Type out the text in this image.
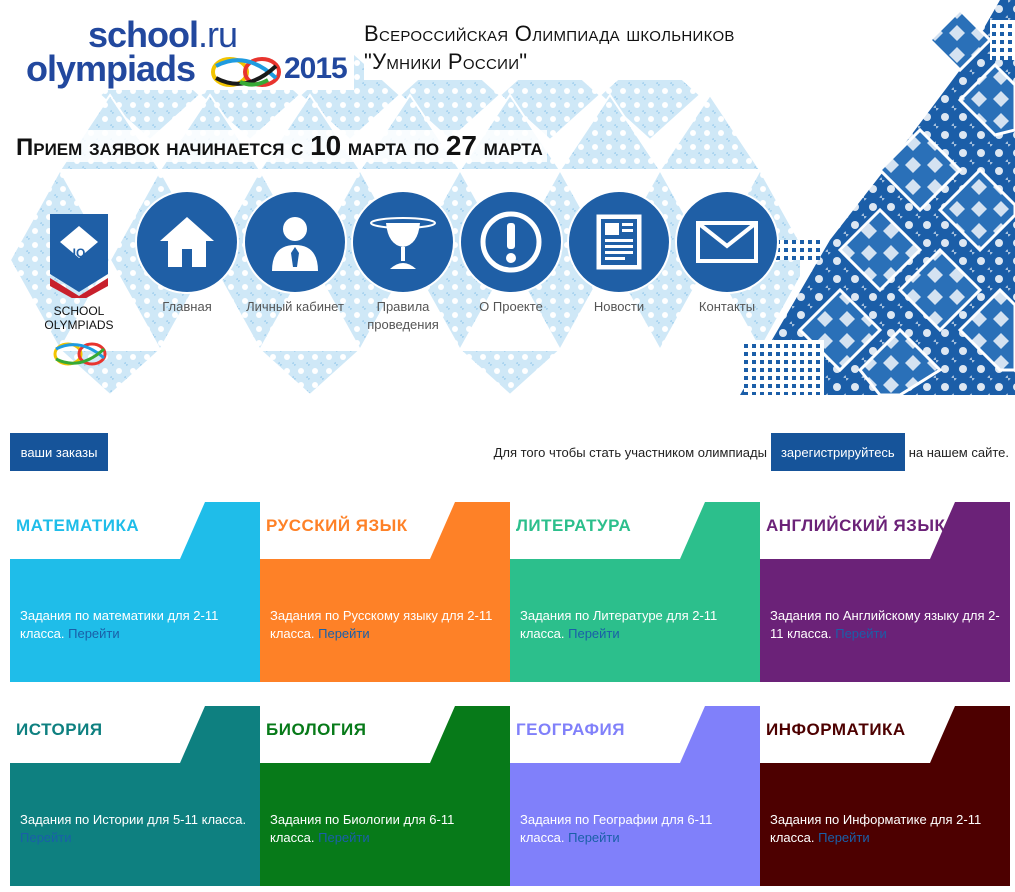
school.ru
olympiads	2015
Всероссийская Олимпиада школьников
"Умники России"
Прием заявок начинается с 10 марта по 27 марта
IQ
SCHOOL
OLYMPIADS
Главная	Личный кабинет	Правила проведения
О Проекте	Новости	Контакты
ваши заказы	Для того чтобы стать участником олимпиады	зарегистрируйтесь	на нашем сайте.
МАТЕМАТИКА
Задания по математики для 2-11 класса. Перейти
РУССКИЙ ЯЗЫК
Задания по Русскому языку для 2-11 класса. Перейти
ЛИТЕРАТУРА
Задания по Литературе для 2-11 класса. Перейти
АНГЛИЙСКИЙ ЯЗЫК
Задания по Английскому языку для 2-11 класса. Перейти
ИСТОРИЯ
Задания по Истории для 5-11 класса. Перейти
БИОЛОГИЯ
Задания по Биологии для 6-11 класса. Перейти
ГЕОГРАФИЯ
Задания по Географии для 6-11 класса. Перейти
ИНФОРМАТИКА
Задания по Информатике для 2-11 класса. Перейти
